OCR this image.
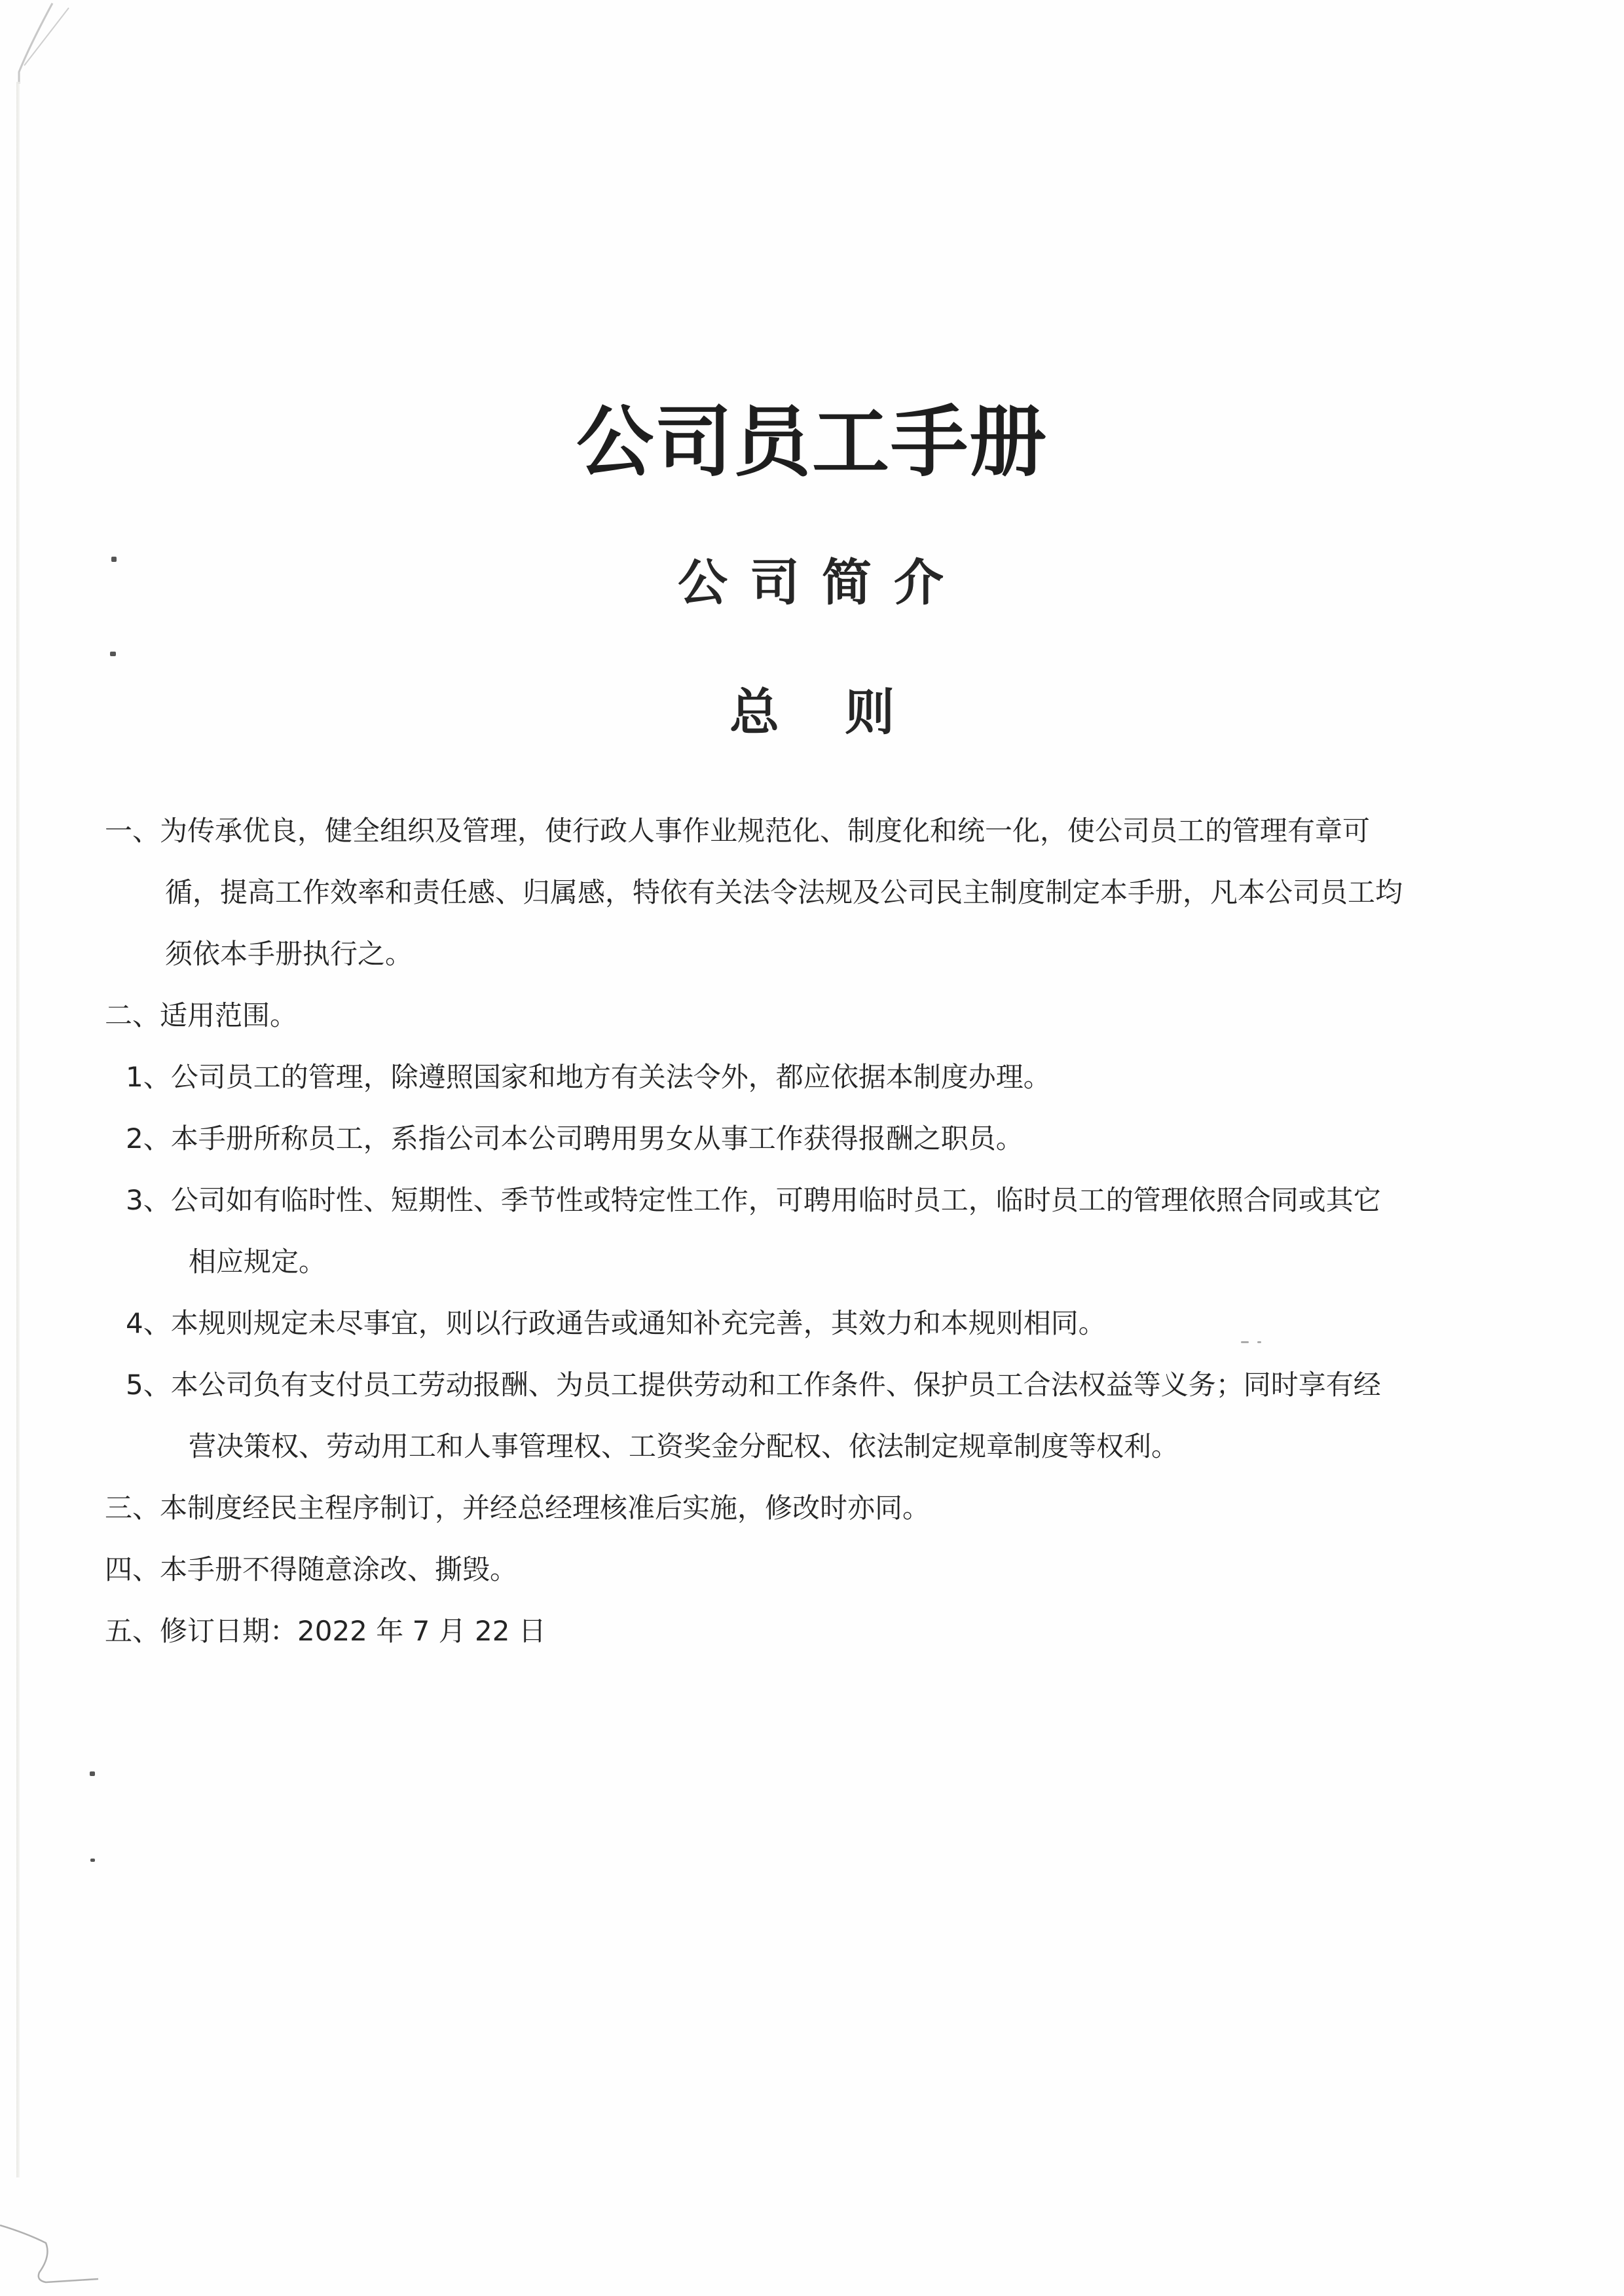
公司员工手册
公司简介
总则
一、为传承优良，健全组织及管理，使行政人事作业规范化、制度化和统一化，使公司员工的管理有章可
循，提高工作效率和责任感、归属感，特依有关法令法规及公司民主制度制定本手册，凡本公司员工均
须依本手册执行之。
二、适用范围。
1、公司员工的管理，除遵照国家和地方有关法令外，都应依据本制度办理。
2、本手册所称员工，系指公司本公司聘用男女从事工作获得报酬之职员。
3、公司如有临时性、短期性、季节性或特定性工作，可聘用临时员工，临时员工的管理依照合同或其它
相应规定。
4、本规则规定未尽事宜，则以行政通告或通知补充完善，其效力和本规则相同。
5、本公司负有支付员工劳动报酬、为员工提供劳动和工作条件、保护员工合法权益等义务；同时享有经
营决策权、劳动用工和人事管理权、工资奖金分配权、依法制定规章制度等权利。
三、本制度经民主程序制订，并经总经理核准后实施，修改时亦同。
四、本手册不得随意涂改、撕毁。
五、修订日期：2022 年 7 月 22 日
